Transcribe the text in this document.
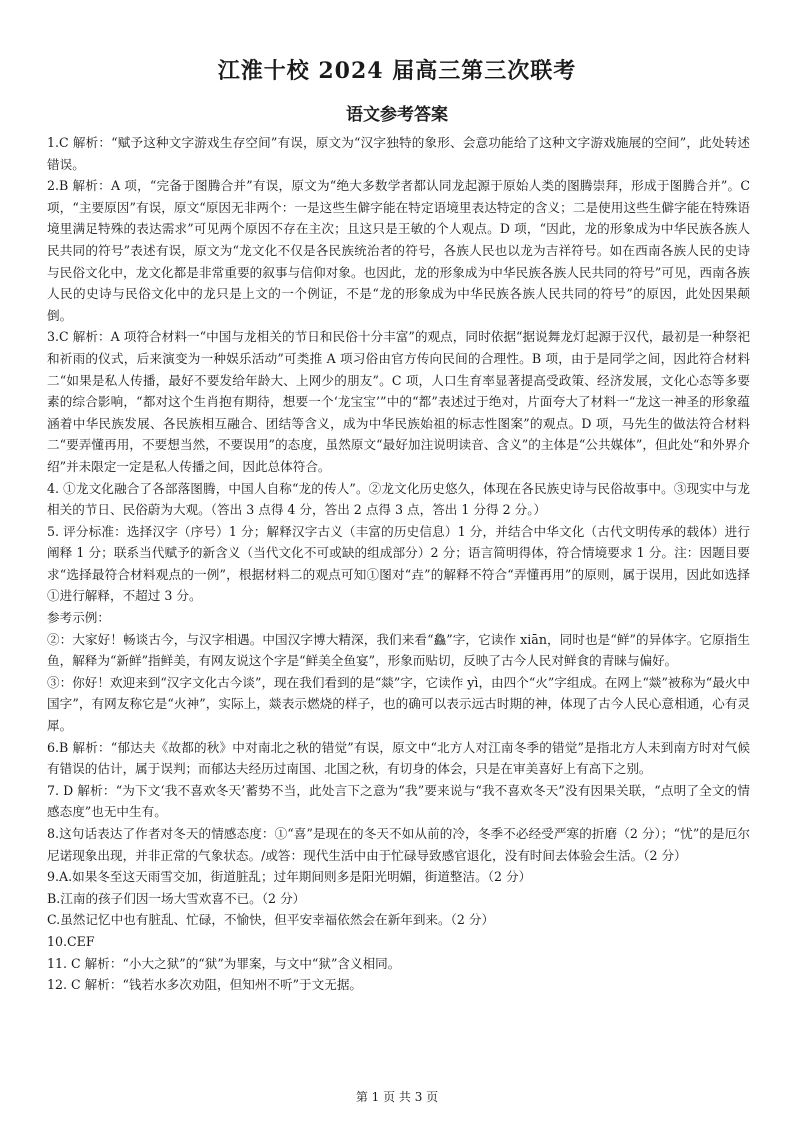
江淮十校 2024 届高三第三次联考
语文参考答案

1.C 解析：“赋予这种文字游戏生存空间”有误，原文为“汉字独特的象形、会意功能给了这种文字游戏施展的空间”，此处转述错误。

2.B 解析：A 项，“完备于图腾合并”有误，原文为“绝大多数学者都认同龙起源于原始人类的图腾崇拜，形成于图腾合并”。C 项，“主要原因”有误，原文“原因无非两个：一是这些生僻字能在特定语境里表达特定的含义；二是使用这些生僻字能在特殊语境里满足特殊的表达需求”可见两个原因不存在主次；且这只是王敏的个人观点。D 项，“因此，龙的形象成为中华民族各族人民共同的符号”表述有误，原文为“龙文化不仅是各民族统治者的符号，各族人民也以龙为吉祥符号。如在西南各族人民的史诗与民俗文化中，龙文化都是非常重要的叙事与信仰对象。也因此，龙的形象成为中华民族各族人民共同的符号”可见，西南各族人民的史诗与民俗文化中的龙只是上文的一个例证，不是“龙的形象成为中华民族各族人民共同的符号”的原因，此处因果颠倒。

3.C 解析：A 项符合材料一“中国与龙相关的节日和民俗十分丰富”的观点，同时依据“据说舞龙灯起源于汉代，最初是一种祭祀和祈雨的仪式，后来演变为一种娱乐活动”可类推 A 项习俗由官方传向民间的合理性。B 项，由于是同学之间，因此符合材料二“如果是私人传播，最好不要发给年龄大、上网少的朋友”。C 项，人口生育率显著提高受政策、经济发展，文化心态等多要素的综合影响，“都对这个生肖抱有期待，想要一个‘龙宝宝’”中的“都”表述过于绝对，片面夸大了材料一“龙这一神圣的形象蕴涵着中华民族发展、各民族相互融合、团结等含义，成为中华民族始祖的标志性图案”的观点。D 项，马先生的做法符合材料二“要弄懂再用，不要想当然，不要误用”的态度，虽然原文“最好加注说明读音、含义”的主体是“公共媒体”，但此处“和外界介绍”并未限定一定是私人传播之间，因此总体符合。

4. ①龙文化融合了各部落图腾，中国人自称“龙的传人”。②龙文化历史悠久，体现在各民族史诗与民俗故事中。③现实中与龙相关的节日、民俗蔚为大观。（答出 3 点得 4 分，答出 2 点得 3 点，答出 1 分得 2 分。）

5. 评分标准：选择汉字（序号）1 分；解释汉字古义（丰富的历史信息）1 分，并结合中华文化（古代文明传承的载体）进行阐释 1 分；联系当代赋予的新含义（当代文化不可或缺的组成部分）2 分；语言简明得体，符合情境要求 1 分。注：因题目要求“选择最符合材料观点的一例”，根据材料二的观点可知①图对“垚”的解释不符合“弄懂再用”的原则，属于误用，因此如选择①进行解释，不超过 3 分。

参考示例：

②：大家好！畅谈古今，与汉字相遇。中国汉字博大精深，我们来看“鱻”字，它读作 xiān，同时也是“鲜”的异体字。它原指生鱼，解释为“新鲜”指鲜美，有网友说这个字是“鲜美全鱼宴”，形象而贴切，反映了古今人民对鲜食的青睐与偏好。

③：你好！欢迎来到“汉字文化古今谈”，现在我们看到的是“燚”字，它读作 yì，由四个“火”字组成。在网上“燚”被称为“最火中国字”，有网友称它是“火神”，实际上，燚表示燃烧的样子，也的确可以表示远古时期的神，体现了古今人民心意相通，心有灵犀。

6.B 解析：“郁达夫《故都的秋》中对南北之秋的错觉”有误，原文中“北方人对江南冬季的错觉”是指北方人未到南方时对气候有错误的估计，属于误判；而郁达夫经历过南国、北国之秋，有切身的体会，只是在审美喜好上有高下之别。

7. D 解析：“为下文‘我不喜欢冬天’蓄势不当，此处言下之意为“我”要来说与“我不喜欢冬天”没有因果关联，“点明了全文的情感态度”也无中生有。

8.这句话表达了作者对冬天的情感态度：①“喜”是现在的冬天不如从前的冷，冬季不必经受严寒的折磨（2 分）；“忧”的是厄尔尼诺现象出现，并非正常的气象状态。/或答：现代生活中由于忙碌导致感官退化，没有时间去体验会生活。（2 分）

9.A.如果冬至这天雨雪交加，街道脏乱；过年期间则多是阳光明媚，街道整洁。（2 分）

B.江南的孩子们因一场大雪欢喜不已。（2 分）

C.虽然记忆中也有脏乱、忙碌，不愉快，但平安幸福依然会在新年到来。（2 分）

10.CEF

11. C 解析：“小大之狱”的“狱”为罪案，与文中“狱”含义相同。

12. C 解析：“钱若水多次劝阻，但知州不听”于文无据。

第 1 页 共 3 页
